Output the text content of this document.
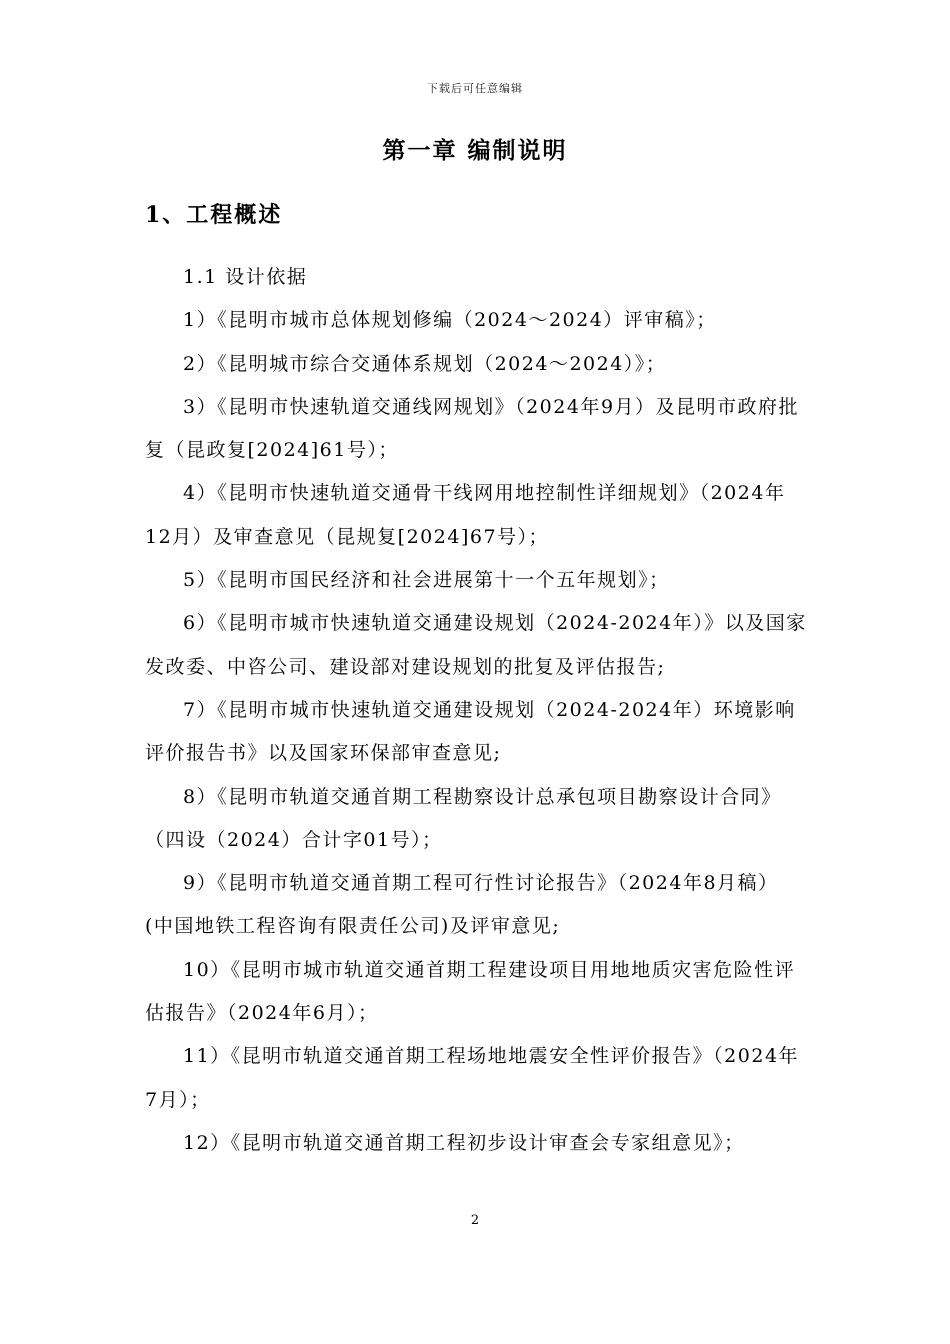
下载后可任意编辑
第一章 编制说明
1、工程概述

1.1 设计依据

1）《昆明市城市总体规划修编（2024～2024）评审稿》；

2）《昆明城市综合交通体系规划（2024～2024）》；

3）《昆明市快速轨道交通线网规划》（2024年9月）及昆明市政府批复（昆政复[2024]61号）；

4）《昆明市快速轨道交通骨干线网用地控制性详细规划》（2024年12月）及审查意见（昆规复[2024]67号）；

5）《昆明市国民经济和社会进展第十一个五年规划》；

6）《昆明市城市快速轨道交通建设规划（2024-2024年）》以及国家发改委、中咨公司、建设部对建设规划的批复及评估报告;

7）《昆明市城市快速轨道交通建设规划（2024-2024年）环境影响评价报告书》以及国家环保部审查意见;

8）《昆明市轨道交通首期工程勘察设计总承包项目勘察设计合同》（四设（2024）合计字01号）；

9）《昆明市轨道交通首期工程可行性讨论报告》（2024年8月稿）(中国地铁工程咨询有限责任公司)及评审意见;

10）《昆明市城市轨道交通首期工程建设项目用地地质灾害危险性评估报告》（2024年6月）；

11）《昆明市轨道交通首期工程场地地震安全性评价报告》（2024年7月）；

12）《昆明市轨道交通首期工程初步设计审查会专家组意见》；

2
